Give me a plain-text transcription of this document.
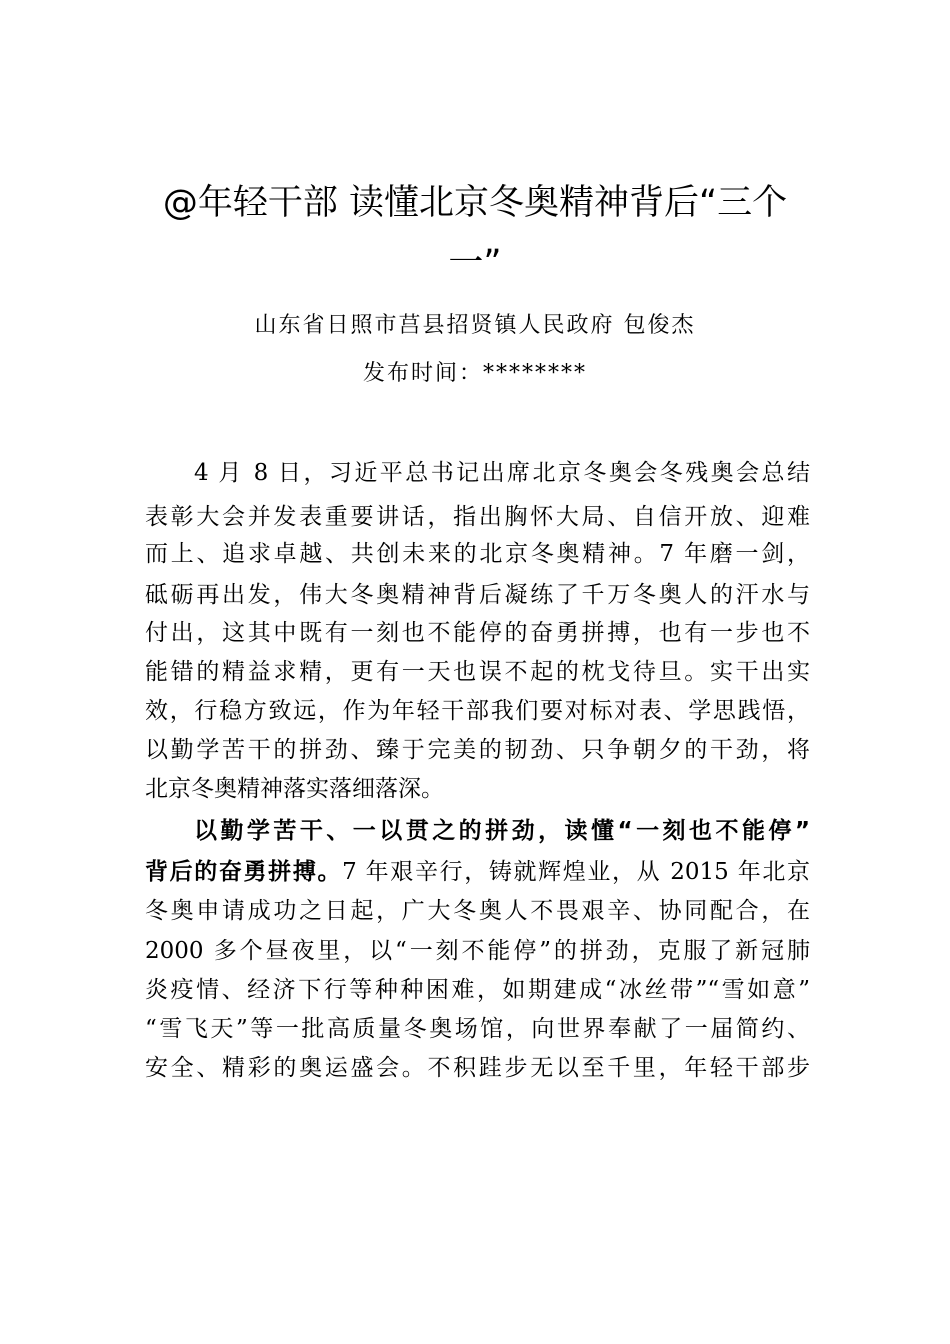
@年轻干部 读懂北京冬奥精神背后“三个
一”
山东省日照市莒县招贤镇人民政府 包俊杰
发布时间：********
4 月 8 日，习近平总书记出席北京冬奥会冬残奥会总结
表彰大会并发表重要讲话，指出胸怀大局、自信开放、迎难
而上、追求卓越、共创未来的北京冬奥精神。7 年磨一剑，
砥砺再出发，伟大冬奥精神背后凝练了千万冬奥人的汗水与
付出，这其中既有一刻也不能停的奋勇拼搏，也有一步也不
能错的精益求精，更有一天也误不起的枕戈待旦。实干出实
效，行稳方致远，作为年轻干部我们要对标对表、学思践悟，
以勤学苦干的拼劲、臻于完美的韧劲、只争朝夕的干劲，将
北京冬奥精神落实落细落深。
以勤学苦干、一以贯之的拼劲，读懂“一刻也不能停”
背后的奋勇拼搏。7 年艰辛行，铸就辉煌业，从 2015 年北京
冬奥申请成功之日起，广大冬奥人不畏艰辛、协同配合，在
2000 多个昼夜里，以“一刻不能停”的拼劲，克服了新冠肺
炎疫情、经济下行等种种困难，如期建成“冰丝带”“雪如意”
“雪飞天”等一批高质量冬奥场馆，向世界奉献了一届简约、
安全、精彩的奥运盛会。不积跬步无以至千里，年轻干部步
